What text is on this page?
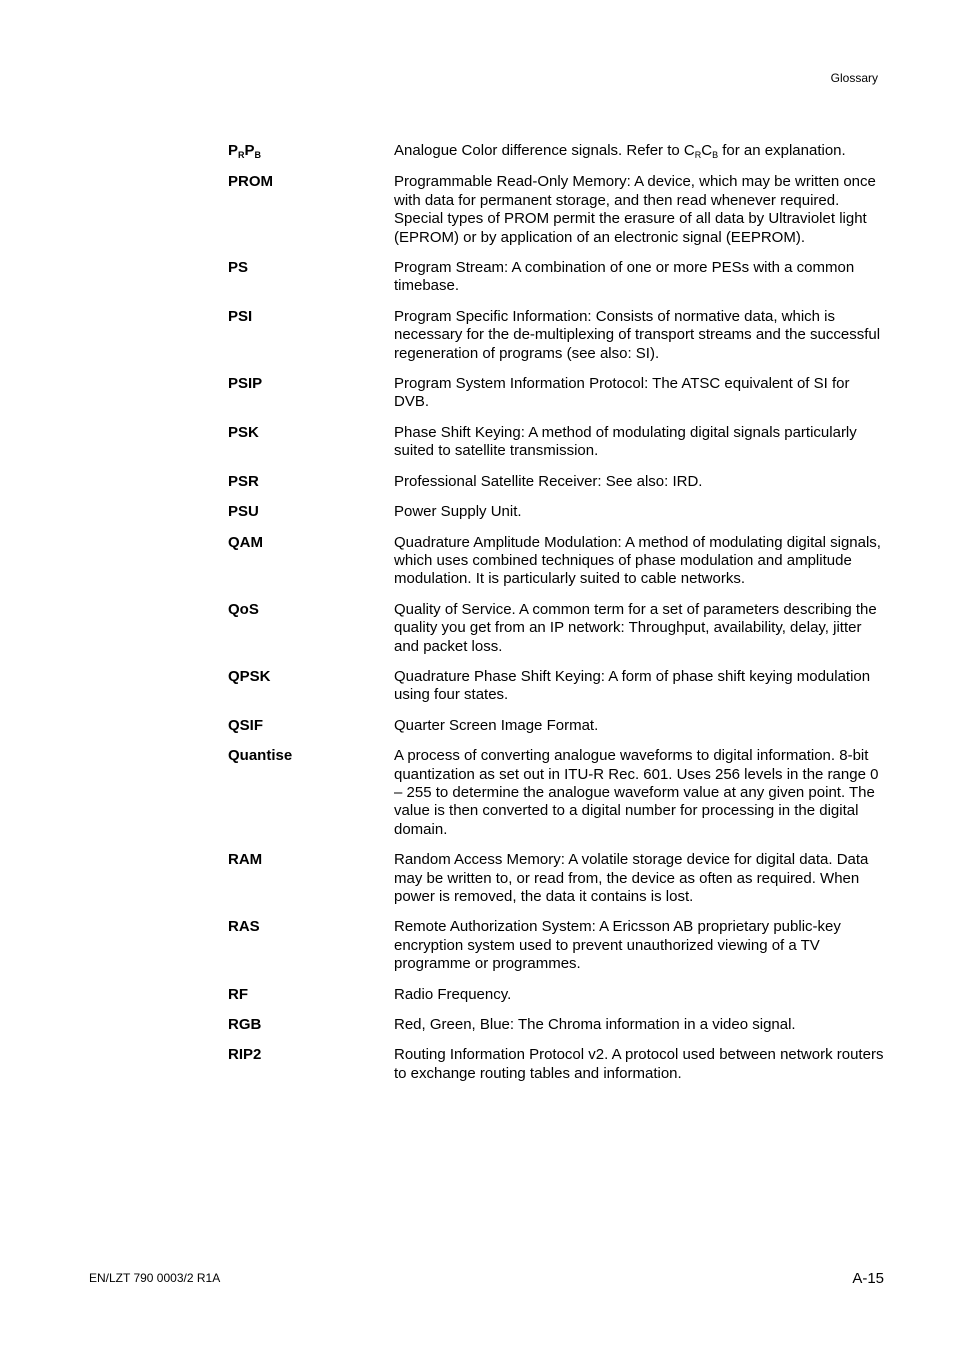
Glossary
$P_RP_B$	Analogue Color difference signals. Refer to $C_RC_B$ for an explanation.
PROM	Programmable Read-Only Memory: A device, which may be written once with data for permanent storage, and then read whenever required. Special types of PROM permit the erasure of all data by Ultraviolet light (EPROM) or by application of an electronic signal (EEPROM).
PS	Program Stream: A combination of one or more PESs with a common timebase.
PSI	Program Specific Information: Consists of normative data, which is necessary for the de-multiplexing of transport streams and the successful regeneration of programs (see also: SI).
PSIP	Program System Information Protocol: The ATSC equivalent of SI for DVB.
PSK	Phase Shift Keying: A method of modulating digital signals particularly suited to satellite transmission.
PSR	Professional Satellite Receiver: See also: IRD.
PSU	Power Supply Unit.
QAM	Quadrature Amplitude Modulation: A method of modulating digital signals, which uses combined techniques of phase modulation and amplitude modulation. It is particularly suited to cable networks.
QoS	Quality of Service. A common term for a set of parameters describing the quality you get from an IP network: Throughput, availability, delay, jitter and packet loss.
QPSK	Quadrature Phase Shift Keying: A form of phase shift keying modulation using four states.
QSIF	Quarter Screen Image Format.
Quantise	A process of converting analogue waveforms to digital information. 8-bit quantization as set out in ITU-R Rec. 601. Uses 256 levels in the range 0 – 255 to determine the analogue waveform value at any given point. The value is then converted to a digital number for processing in the digital domain.
RAM	Random Access Memory: A volatile storage device for digital data. Data may be written to, or read from, the device as often as required. When power is removed, the data it contains is lost.
RAS	Remote Authorization System: A Ericsson AB proprietary public-key encryption system used to prevent unauthorized viewing of a TV programme or programmes.
RF	Radio Frequency.
RGB	Red, Green, Blue: The Chroma information in a video signal.
RIP2	Routing Information Protocol v2. A protocol used between network routers to exchange routing tables and information.
EN/LZT 790 0003/2 R1A	A-15
